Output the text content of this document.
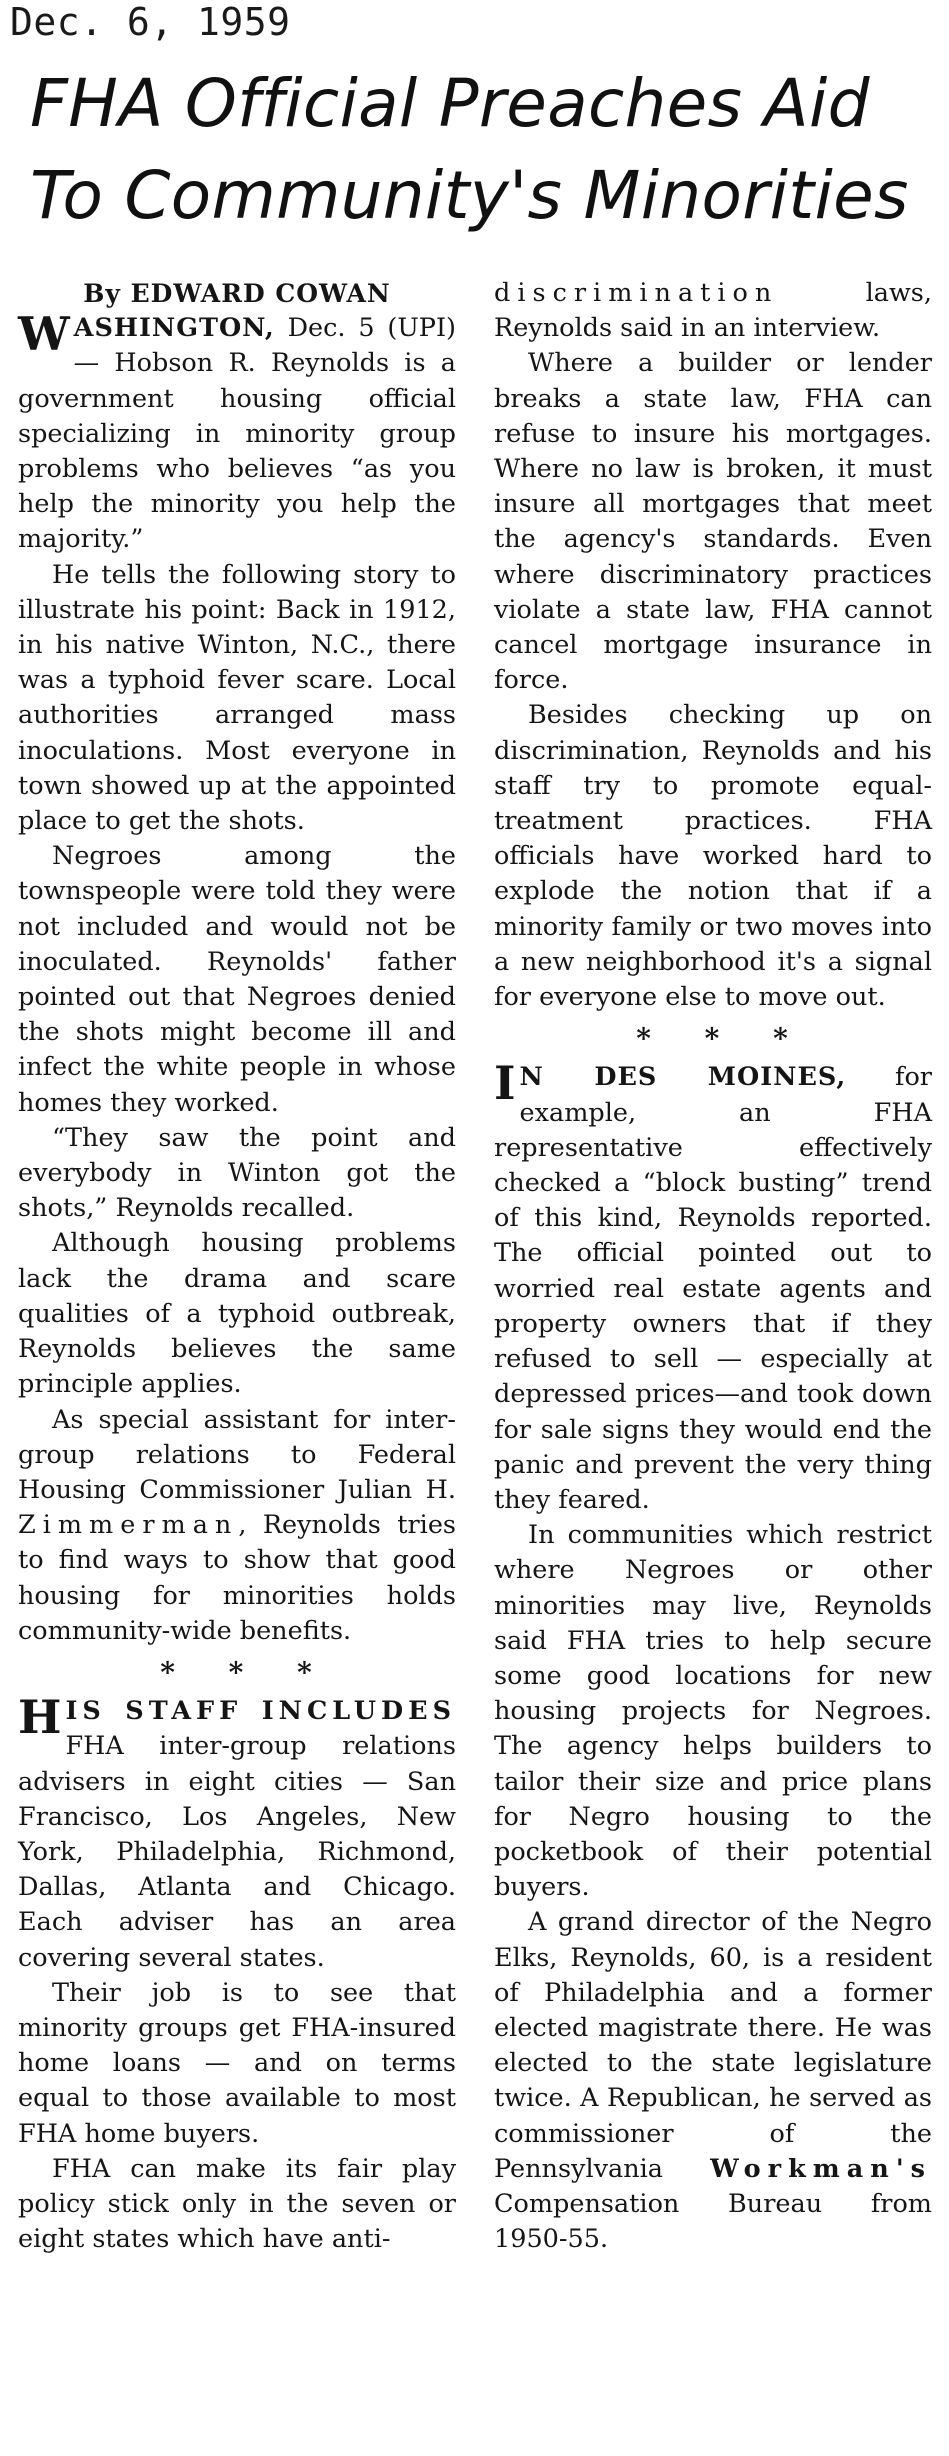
Dec. 6, 1959
FHA Official Preaches Aid
To Community's Minorities

By EDWARD COWAN

WASHINGTON, Dec. 5 (UPI) — Hobson R. Reynolds is a government housing official specializing in minority group problems who believes “as you help the minority you help the majority.”

He tells the following story to illustrate his point: Back in 1912, in his native Winton, N.C., there was a typhoid fever scare. Local authorities arranged mass inoculations. Most everyone in town showed up at the appointed place to get the shots.

Negroes among the townspeople were told they were not included and would not be inoculated. Reynolds' father pointed out that Negroes denied the shots might become ill and infect the white people in whose homes they worked.

“They saw the point and everybody in Winton got the shots,” Reynolds recalled.

Although housing problems lack the drama and scare qualities of a typhoid outbreak, Reynolds believes the same principle applies.

As special assistant for inter-group relations to Federal Housing Commissioner Julian H. Zimmerman, Reynolds tries to find ways to show that good housing for minorities holds community-wide benefits.

* * *

HIS STAFF INCLUDES FHA inter-group relations advisers in eight cities — San Francisco, Los Angeles, New York, Philadelphia, Richmond, Dallas, Atlanta and Chicago. Each adviser has an area covering several states.

Their job is to see that minority groups get FHA-insured home loans — and on terms equal to those available to most FHA home buyers.

FHA can make its fair play policy stick only in the seven or eight states which have anti-

discrimination laws, Reynolds said in an interview.

Where a builder or lender breaks a state law, FHA can refuse to insure his mortgages. Where no law is broken, it must insure all mortgages that meet the agency's standards. Even where discriminatory practices violate a state law, FHA cannot cancel mortgage insurance in force.

Besides checking up on discrimination, Reynolds and his staff try to promote equal-treatment practices. FHA officials have worked hard to explode the notion that if a minority family or two moves into a new neighborhood it's a signal for everyone else to move out.

* * *

I N DES MOINES, for example, an FHA representative effectively checked a “block busting” trend of this kind, Reynolds reported. The official pointed out to worried real estate agents and property owners that if they refused to sell — especially at depressed prices—and took down for sale signs they would end the panic and prevent the very thing they feared.

In communities which restrict where Negroes or other minorities may live, Reynolds said FHA tries to help secure some good locations for new housing projects for Negroes. The agency helps builders to tailor their size and price plans for Negro housing to the pocketbook of their potential buyers.

A grand director of the Negro Elks, Reynolds, 60, is a resident of Philadelphia and a former elected magistrate there. He was elected to the state legislature twice. A Republican, he served as commissioner of the Pennsylvania Workman's Compensation Bureau from 1950-55.
